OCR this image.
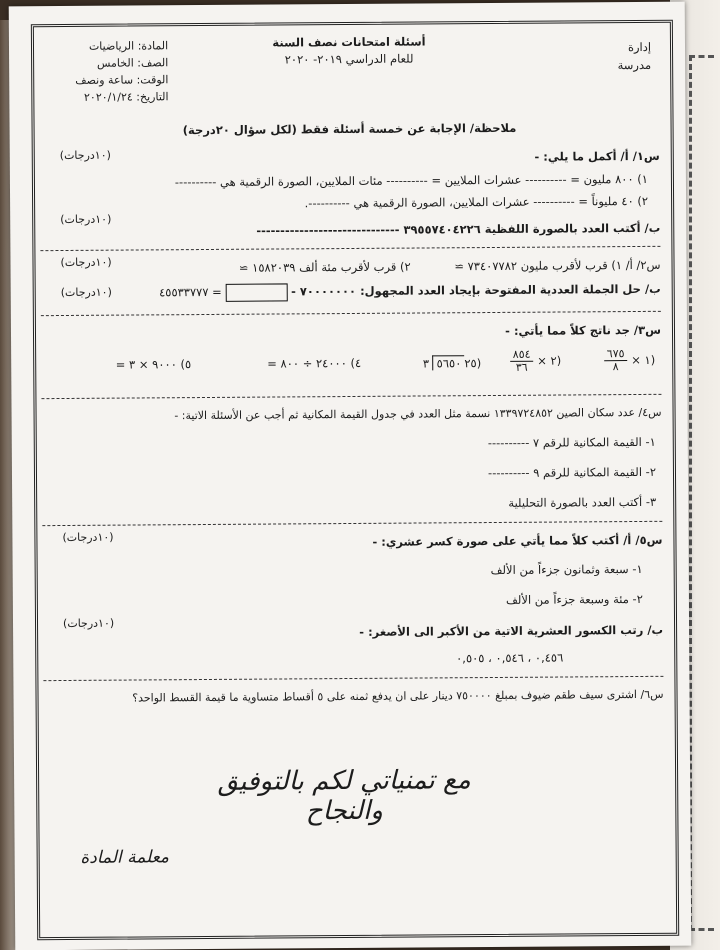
إدارة
مدرسة
أسئلة امتحانات نصف السنة
للعام الدراسي ٢٠١٩- ٢٠٢٠
المادة: الرياضيات
الصف: الخامس
الوقت: ساعة ونصف
التاريخ: ٢٠٢٠/١/٢٤
ملاحظة/ الإجابة عن خمسة أسئلة فقط (لكل سؤال ٢٠درجة)
س١/ أ/ أكمل ما يلي: -
(١٠درجات)
١) ٨٠٠ مليون = ---------- عشرات الملايين = ---------- مئات الملايين، الصورة الرقمية هي ----------
٢) ٤٠ مليوناً = ---------- عشرات الملايين، الصورة الرقمية هي ----------.
ب/ أكتب العدد بالصورة اللفظية ٣٩٥٥٧٤٠٤٢٢٦ ------------------------------
(١٠درجات)
س٢/ أ/ ١) قرب لأقرب مليون ٧٣٤٠٧٧٨٢ ≃ ٢) قرب لأقرب مئة ألف ١٥٨٢٠٣٩ ≃
(١٠درجات)
ب/ حل الجملة العددية المفتوحة بإيجاد العدد المجهول: ٧٠٠٠٠٠٠٠ -  = ٤٥٥٣٣٧٧٧
(١٠درجات)
س٣/ جد ناتج كلاً مما يأتي: -
$\frac{٦٧٥}{٨}$ × ١)
$\frac{٨٥٤}{٣٦}$ × ٢)
٢٥٥٦٥٠ ٣)
٤) ٢٤٠٠٠ ÷ ٨٠٠ =
٥) ٩٠٠٠ × ٣ =
س٤/ عدد سكان الصين ١٣٣٩٧٢٤٨٥٢ نسمة مثل العدد في جدول القيمة المكانية ثم أجب عن الأسئلة الاتية: -
١- القيمة المكانية للرقم ٧ ----------
٢- القيمة المكانية للرقم ٩ ----------
٣- أكتب العدد بالصورة التحليلية
س٥/ أ/ أكتب كلاً مما يأتي على صورة كسر عشري: -
(١٠درجات)
١- سبعة وثمانون جزءاً من الألف
٢- مئة وسبعة جزءاً من الألف
ب/ رتب الكسور العشرية الاتية من الأكبر الى الأصغر: -
(١٠درجات)
٠,٤٥٦ ، ٠,٥٤٦ ، ٠,٥٠٥
س٦/ اشترى سيف طقم ضيوف بمبلغ ٧٥٠٠٠٠ دينار على ان يدفع ثمنه على ٥ أقساط متساوية ما قيمة القسط الواحد؟
مع تمنياتي لكم بالتوفيق والنجاح
معلمة المادة
